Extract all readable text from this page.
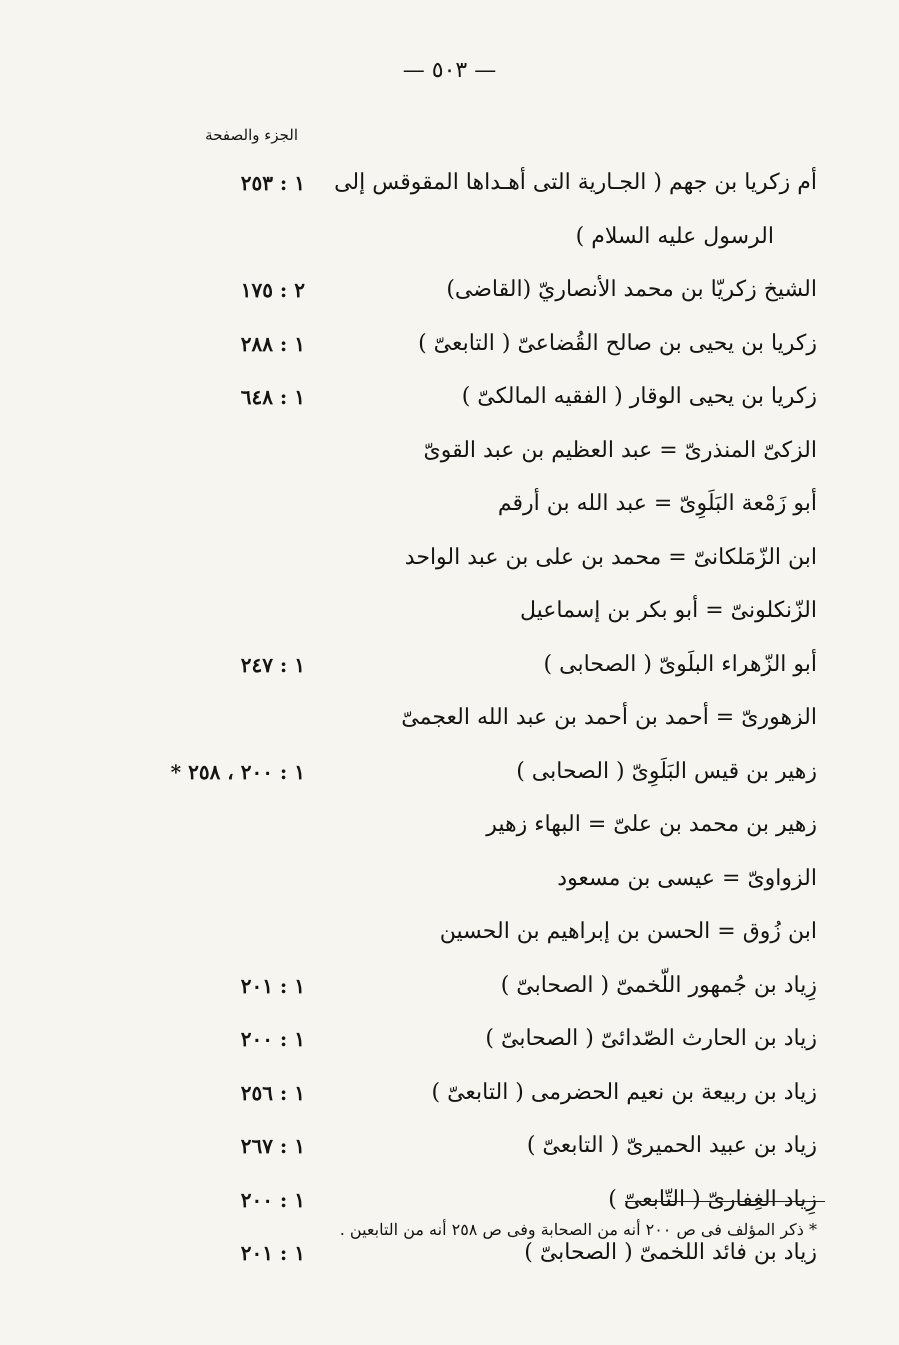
— ٥٠٣ —
الجزء والصفحة
أم زكريا بن جهم ( الجـارية التى أهـداها المقوقس إلى
١ : ٢٥٣
الرسول عليه السلام )
الشيخ زكريّا بن محمد الأنصاريّ (القاضى)
٢ : ١٧٥
زكريا بن يحيى بن صالح القُضاعىّ ( التابعىّ )
١ : ٢٨٨
زكريا بن يحيى الوقار ( الفقيه المالكىّ )
١ : ٦٤٨
الزكىّ المنذرىّ = عبد العظيم بن عبد القوىّ
أبو زَمْعة البَلَوِىّ = عبد الله بن أرقم
ابن الزّمَلكانىّ = محمد بن على بن عبد الواحد
الزّنكلونىّ = أبو بكر بن إسماعيل
أبو الزّهراء البلَوىّ ( الصحابى )
١ : ٢٤٧
الزهورىّ = أحمد بن أحمد بن عبد الله العجمىّ
زهير بن قيس البَلَوِىّ ( الصحابى )
١ : ٢٠٠ ، ٢٥٨ *
زهير بن محمد بن علىّ = البهاء زهير
الزواوىّ = عيسى بن مسعود
ابن زُوق = الحسن بن إبراهيم بن الحسين
زِياد بن جُمهور اللّخمىّ ( الصحابىّ )
١ : ٢٠١
زياد بن الحارث الصّدائىّ ( الصحابىّ )
١ : ٢٠٠
زياد بن ربيعة بن نعيم الحضرمى ( التابعىّ )
١ : ٢٥٦
زياد بن عبيد الحميرىّ ( التابعىّ )
١ : ٢٦٧
زِياد الغِفارىّ ( التّابعىّ )
١ : ٢٠٠
زياد بن فائد اللخمىّ ( الصحابىّ )
١ : ٢٠١
* ذكر المؤلف فى ص ٢٠٠ أنه من الصحابة وفى ص ٢٥٨ أنه من التابعين .
